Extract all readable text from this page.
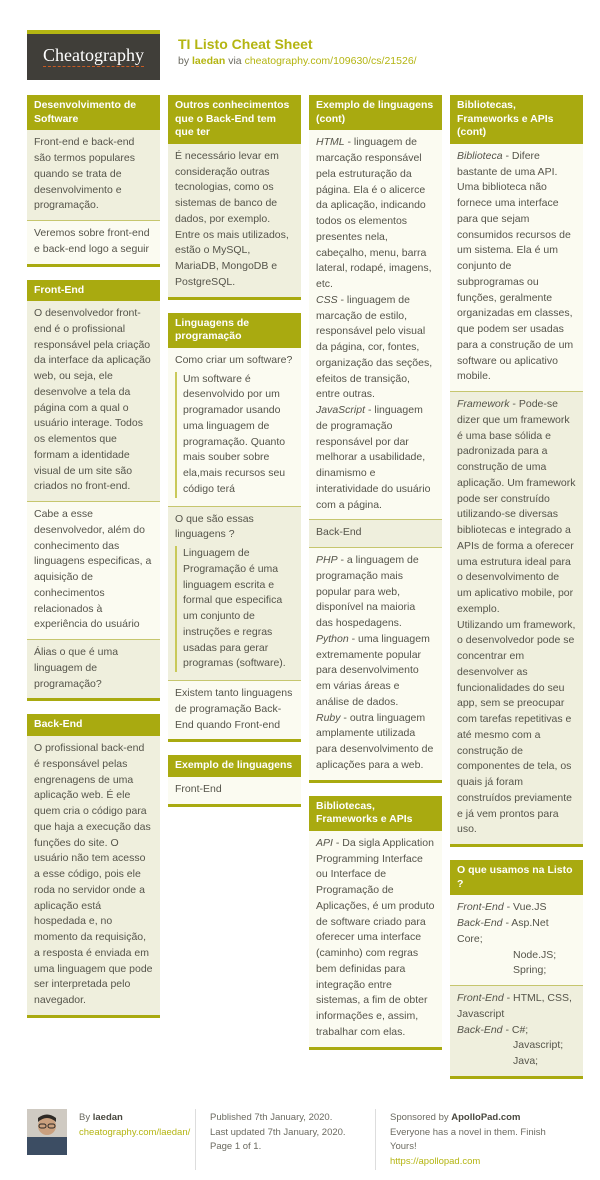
Cheatography
TI Listo Cheat Sheet
by laedan via cheatography.com/109630/cs/21526/
Desenvolvimento de Software
Front-end e back-end são termos populares quando se trata de desenvolvimento e programação.
Veremos sobre front-end e back-end logo a seguir
Front-End
O desenvolvedor front-end é o profissional responsável pela criação da interface da aplicação web, ou seja, ele desenvolve a tela da página com a qual o usuário interage. Todos os elementos que formam a identidade visual de um site são criados no front-end.
Cabe a esse desenvolvedor, além do conhecimento das linguagens especificas, a aquisição de conhecimentos relacionados à experiência do usuário
Álias o que é uma linguagem de programação?
Back-End
O profissional back-end é responsável pelas engrenagens de uma aplicação web. É ele quem cria o código para que haja a execução das funções do site. O usuário não tem acesso a esse código, pois ele roda no servidor onde a aplicação está hospedada e, no momento da requisição, a resposta é enviada em uma linguagem que pode ser interpretada pelo navegador.
Outros conhecimentos que o Back-End tem que ter
É necessário levar em consideração outras tecnologias, como os sistemas de banco de dados, por exemplo. Entre os mais utilizados, estão o MySQL, MariaDB, MongoDB e PostgreSQL.
Linguagens de programação
Como criar um software?
Um software é desenvolvido por um programador usando uma linguagem de programação. Quanto mais souber sobre ela,mais recursos seu código terá
O que são essas linguagens ?
Linguagem de Programação é uma linguagem escrita e formal que especifica um conjunto de instruções e regras usadas para gerar programas (software).
Existem tanto linguagens de programação Back-End quando Front-end
Exemplo de linguagens
Front-End
Exemplo de linguagens (cont)
HTML - linguagem de marcação responsável pela estruturação da página. Ela é o alicerce da aplicação, indicando todos os elementos presentes nela, cabeçalho, menu, barra lateral, rodapé, imagens, etc.
CSS - linguagem de marcação de estilo, responsável pelo visual da página, cor, fontes, organização das seções, efeitos de transição, entre outras.
JavaScript - linguagem de programação responsável por dar melhorar a usabilidade, dinamismo e interatividade do usuário com a página.
Back-End
PHP - a linguagem de programação mais popular para web, disponível na maioria das hospedagens.
Python - uma linguagem extremamente popular para desenvolvimento em várias áreas e análise de dados.
Ruby - outra linguagem amplamente utilizada para desenvolvimento de aplicações para a web.
Bibliotecas, Frameworks e APIs
API - Da sigla Application Programming Interface ou Interface de Programação de Aplicações, é um produto de software criado para oferecer uma interface (caminho) com regras bem definidas para integração entre sistemas, a fim de obter informações e, assim, trabalhar com elas.
Bibliotecas, Frameworks e APIs (cont)
Biblioteca - Difere bastante de uma API. Uma biblioteca não fornece uma interface para que sejam consumidos recursos de um sistema. Ela é um conjunto de subprogramas ou funções, geralmente organizadas em classes, que podem ser usadas para a construção de um software ou aplicativo mobile.
Framework - Pode-se dizer que um framework é uma base sólida e padronizada para a construção de uma aplicação. Um framework pode ser construído utilizando-se diversas bibliotecas e integrado a APIs de forma a oferecer uma estrutura ideal para o desenvolvimento de um aplicativo mobile, por exemplo.
Utilizando um framework, o desenvolvedor pode se concentrar em desenvolver as funcionalidades do seu app, sem se preocupar com tarefas repetitivas e até mesmo com a construção de componentes de tela, os quais já foram construídos previamente e já vem prontos para uso.
O que usamos na Listo ?
Front-End - Vue.JS
Back-End - Asp.Net Core;
Node.JS;
Spring;
Front-End - HTML, CSS, Javascript
Back-End - C#;
Javascript;
Java;
By laedan
cheatography.com/laedan/
Published 7th January, 2020.
Last updated 7th January, 2020.
Page 1 of 1.
Sponsored by ApolloPad.com
Everyone has a novel in them. Finish
Yours!
https://apollopad.com
